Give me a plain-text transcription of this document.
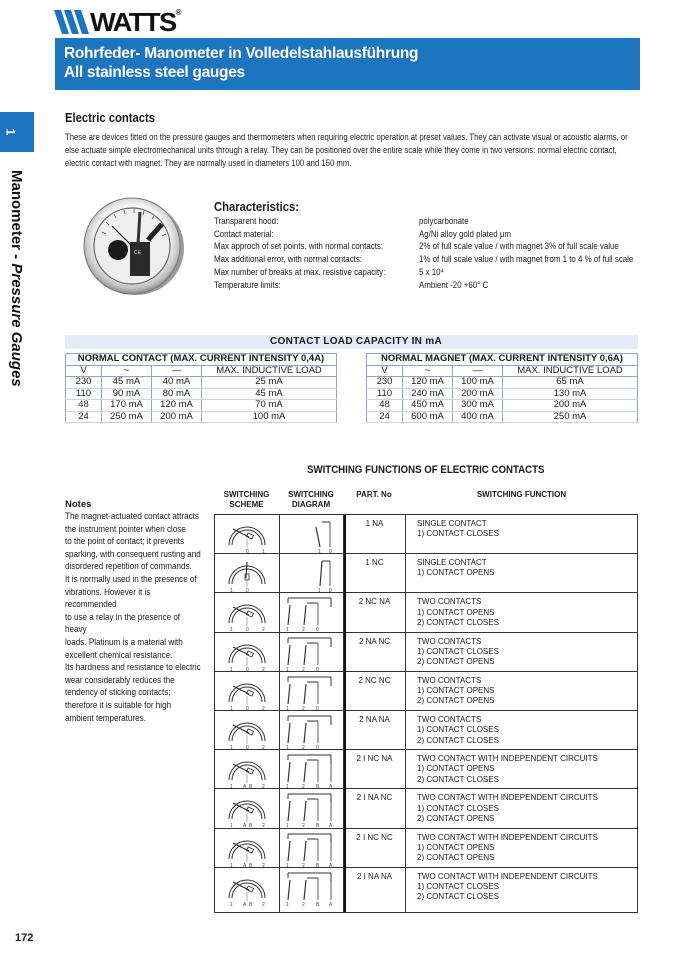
WATTS ®
Rohrfeder- Manometer in Volledelstahlausführung
All stainless steel gauges
1
Manometer - Pressure Gauges
Electric contacts
These are devices fitted on the pressure gauges and thermometers when requiring electric operation at preset values. They can activate visual or acoustic alarms, or else actuate simple electromechanical units through a relay. They can be positioned over the entire scale while they come in two versions: normal electric contact, electric contact with magnet. They are normally used in diameters 100 and 150 mm.
CE
Characteristics:
Transparent hood:	polycarbonate
Contact material:	Ag/Ni alloy gold plated µm
Max approch of set points, with normal contacts:	2% of full scale value / with magnet 3% of full scale value
Max additional error, with normal contacts:	1% of full scale value / with magnet from 1 to 4 % of full scale
Max number of breaks at max. resistive capacity:	5 x 10⁴
Temperature limits:	Ambient -20 +60° C
CONTACT LOAD CAPACITY IN mA
NORMAL CONTACT (MAX. CURRENT INTENSITY 0,4A)			
V	~	—	MAX. INDUCTIVE LOAD
230	45 mA	40 mA	25 mA
110	90 mA	80 mA	45 mA
48	170 mA	120 mA	70 mA
24	250 mA	200 mA	100 mA
NORMAL MAGNET (MAX. CURRENT INTENSITY 0,6A)			
V	~	—	MAX. INDUCTIVE LOAD
230	120 mA	100 mA	65 mA
110	240 mA	200 mA	130 mA
48	450 mA	300 mA	200 mA
24	600 mA	400 mA	250 mA
SWITCHING FUNCTIONS OF ELECTRIC CONTACTS
SWITCHING
SCHEME
SWITCHING
DIAGRAM
PART. No	SWITCHING FUNCTION
Notes
The magnet-actuated contact attracts
the instrument pointer when close
to the point of contact; it prevents
sparking, with consequent rusting and
disordered repetition of commands.
It is normally used in the presence of
vibrations. However it is recommended
to use a relay in the presence of heavy
loads. Platinum is a material with
excellent chemical resistance.
Its hardness and resistance to electric
wear considerably reduces the
tendency of sticking contacts;
therefore it is suitable for high
ambient temperatures.
0	1	1 0
1 NA	SINGLE CONTACT
1) CONTACT CLOSES
1	0	1 0
1 NC	SINGLE CONTACT
1) CONTACT OPENS
1	0	2	1	2 0
2 NC NA	TWO CONTACTS
1) CONTACT OPENS
2) CONTACT CLOSES
1	0	2	1	2 0
2 NA NC	TWO CONTACTS
1) CONTACT CLOSES
2) CONTACT OPENS
1	0	2	1	2 0
2 NC NC	TWO CONTACTS
1) CONTACT OPENS
2) CONTACT OPENS
1	0	2	1	2 0
2 NA NA	TWO CONTACTS
1) CONTACT CLOSES
2) CONTACT CLOSES
1 A B 2	1	2 B A
2 I NC NA	TWO CONTACT WITH INDEPENDENT CIRCUITS
1) CONTACT OPENS
2) CONTACT CLOSES
1 A B 2	1	2 B A
2 I NA NC	TWO CONTACT WITH INDEPENDENT CIRCUITS
1) CONTACT CLOSES
2) CONTACT OPENS
1 A B 2	1	2 B A
2 I NC NC	TWO CONTACT WITH INDEPENDENT CIRCUITS
1) CONTACT OPENS
2) CONTACT OPENS
1 A B 2	1	2 B A
2 I NA NA	TWO CONTACT WITH INDEPENDENT CIRCUITS
1) CONTACT CLOSES
2) CONTACT CLOSES
172
